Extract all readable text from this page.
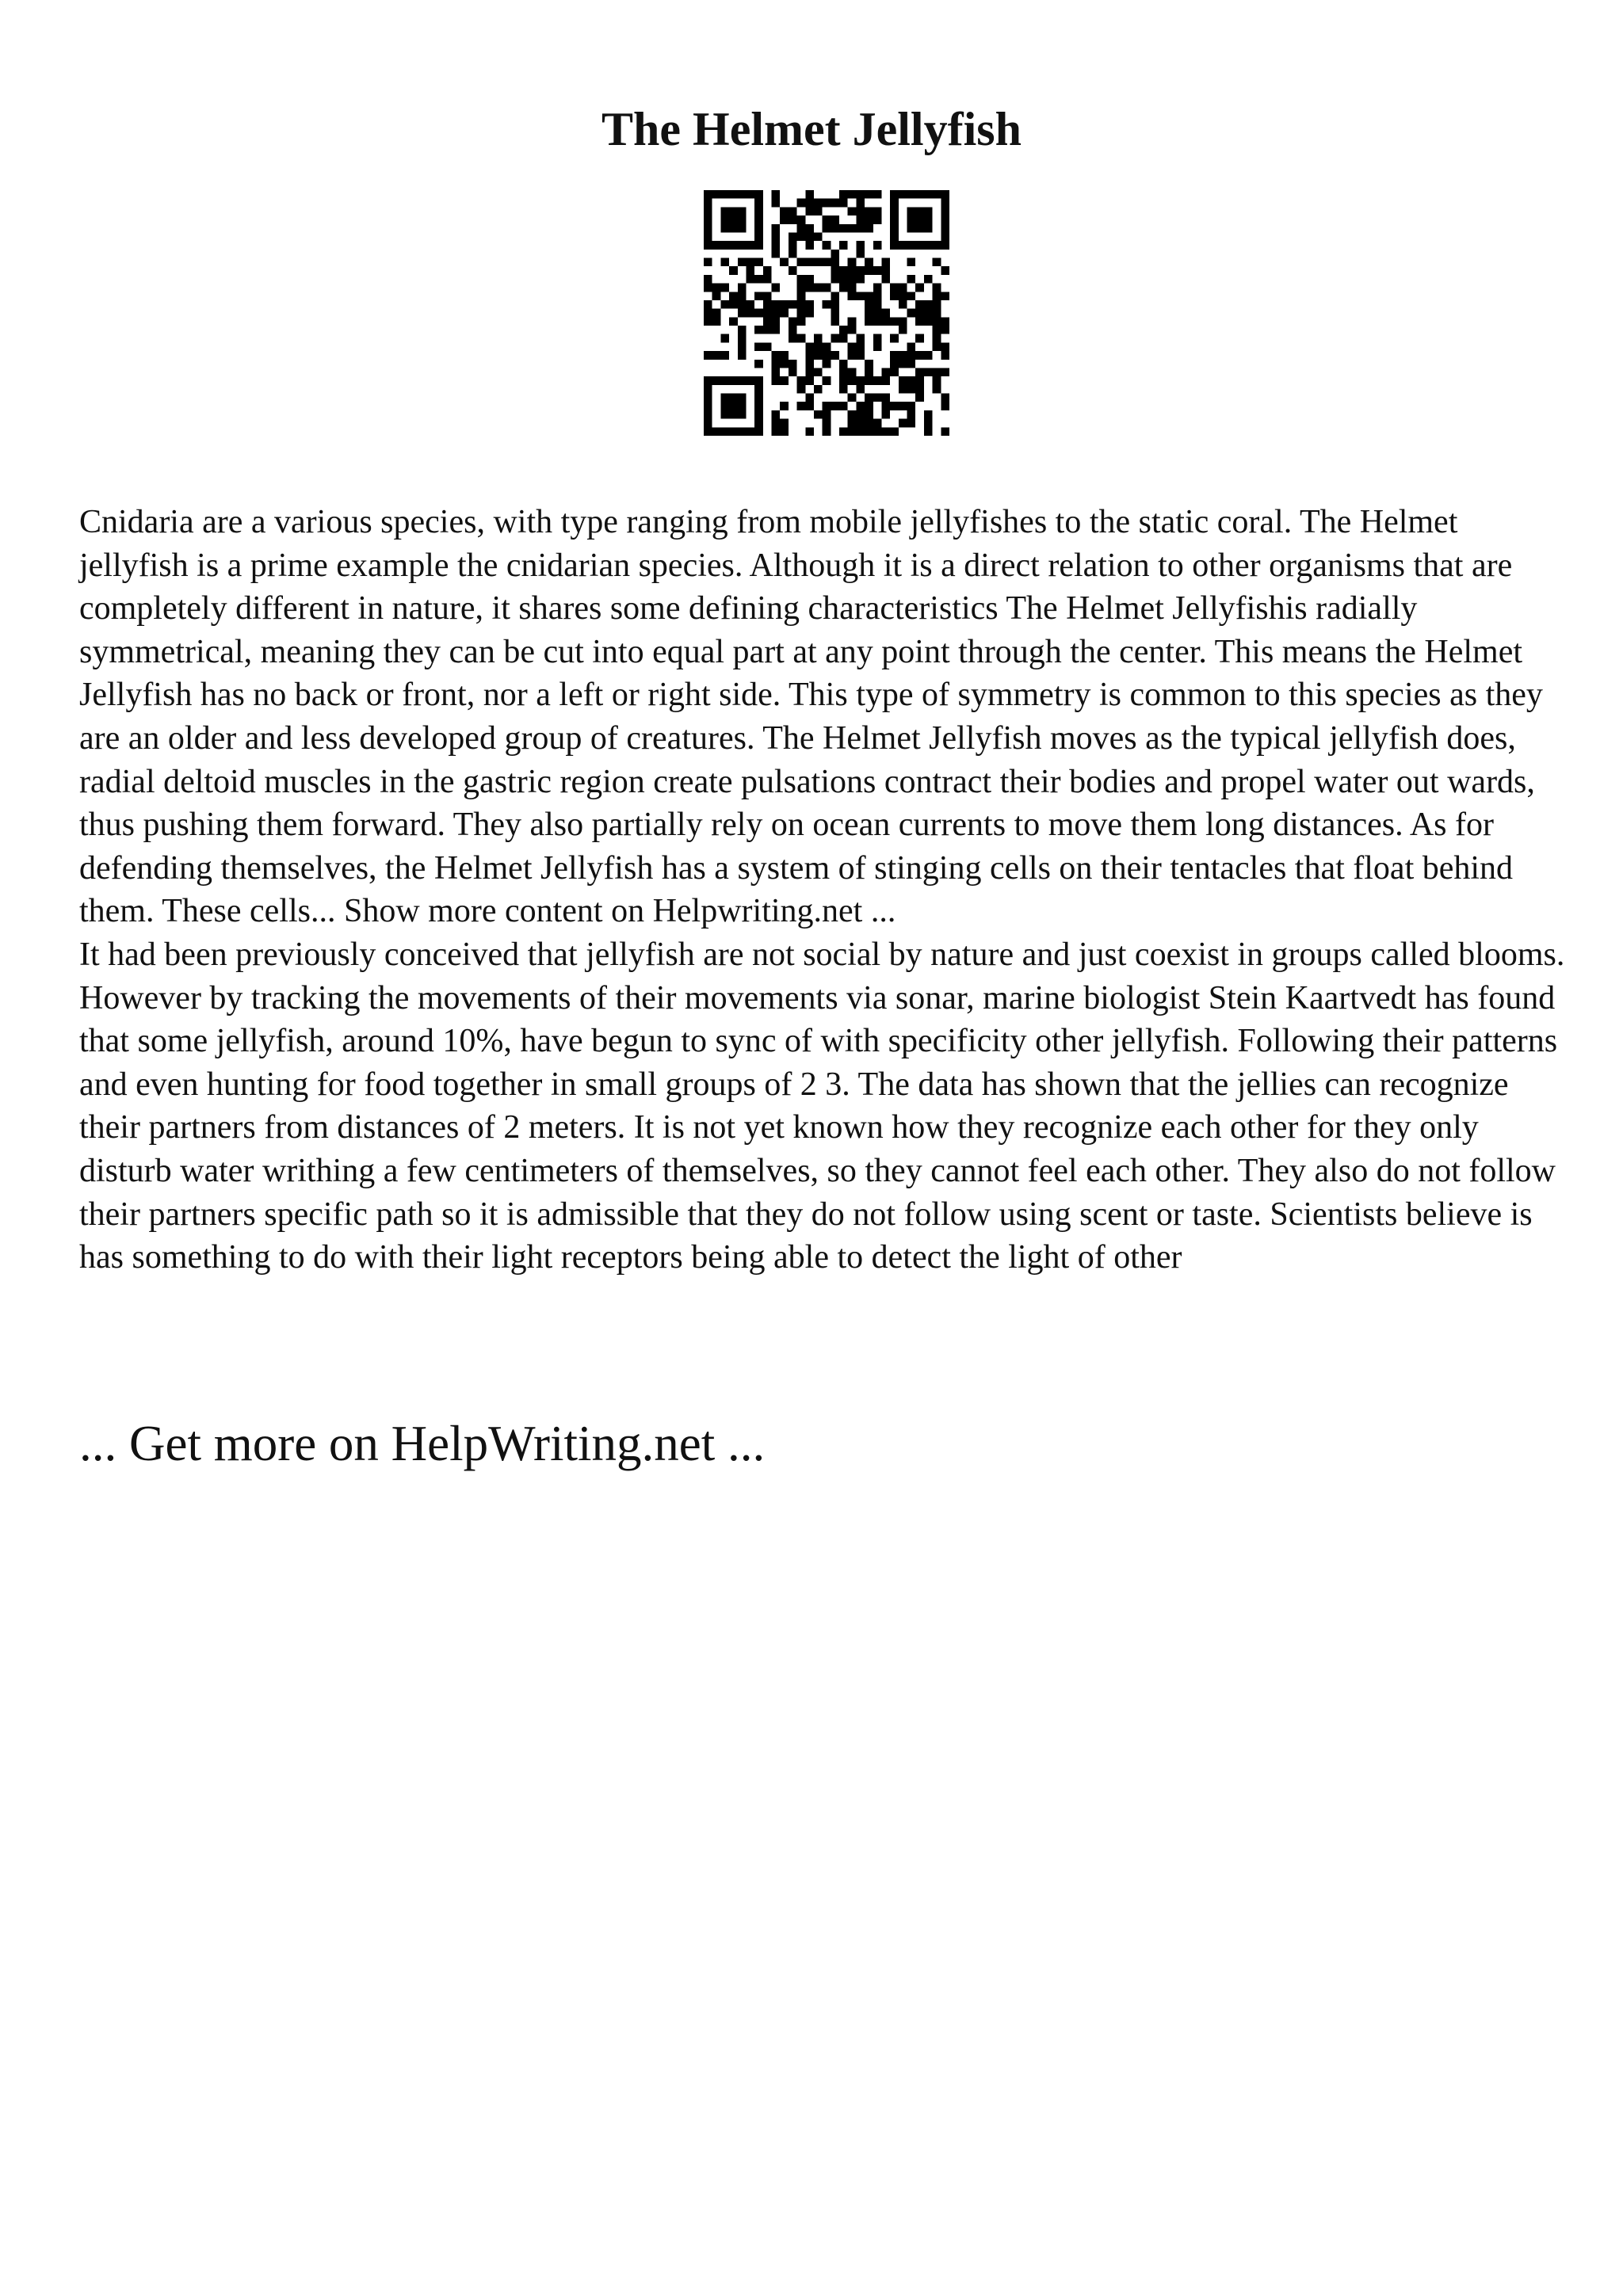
The Helmet Jellyfish

Cnidaria are a various species, with type ranging from mobile jellyfishes to the static coral. The Helmet jellyfish is a prime example the cnidarian species. Although it is a direct relation to other organisms that are completely different in nature, it shares some defining characteristics The Helmet Jellyfishis radially symmetrical, meaning they can be cut into equal part at any point through the center. This means the Helmet Jellyfish has no back or front, nor a left or right side. This type of symmetry is common to this species as they are an older and less developed group of creatures. The Helmet Jellyfish moves as the typical jellyfish does, radial deltoid muscles in the gastric region create pulsations contract their bodies and propel water out wards, thus pushing them forward. They also partially rely on ocean currents to move them long distances. As for defending themselves, the Helmet Jellyfish has a system of stinging cells on their tentacles that float behind them. These cells... Show more content on Helpwriting.net ...

It had been previously conceived that jellyfish are not social by nature and just coexist in groups called blooms. However by tracking the movements of their movements via sonar, marine biologist Stein Kaartvedt has found that some jellyfish, around 10%, have begun to sync of with specificity other jellyfish. Following their patterns and even hunting for food together in small groups of 2 3. The data has shown that the jellies can recognize their partners from distances of 2 meters. It is not yet known how they recognize each other for they only disturb water writhing a few centimeters of themselves, so they cannot feel each other. They also do not follow their partners specific path so it is admissible that they do not follow using scent or taste. Scientists believe is has something to do with their light receptors being able to detect the light of other

... Get more on HelpWriting.net ...
